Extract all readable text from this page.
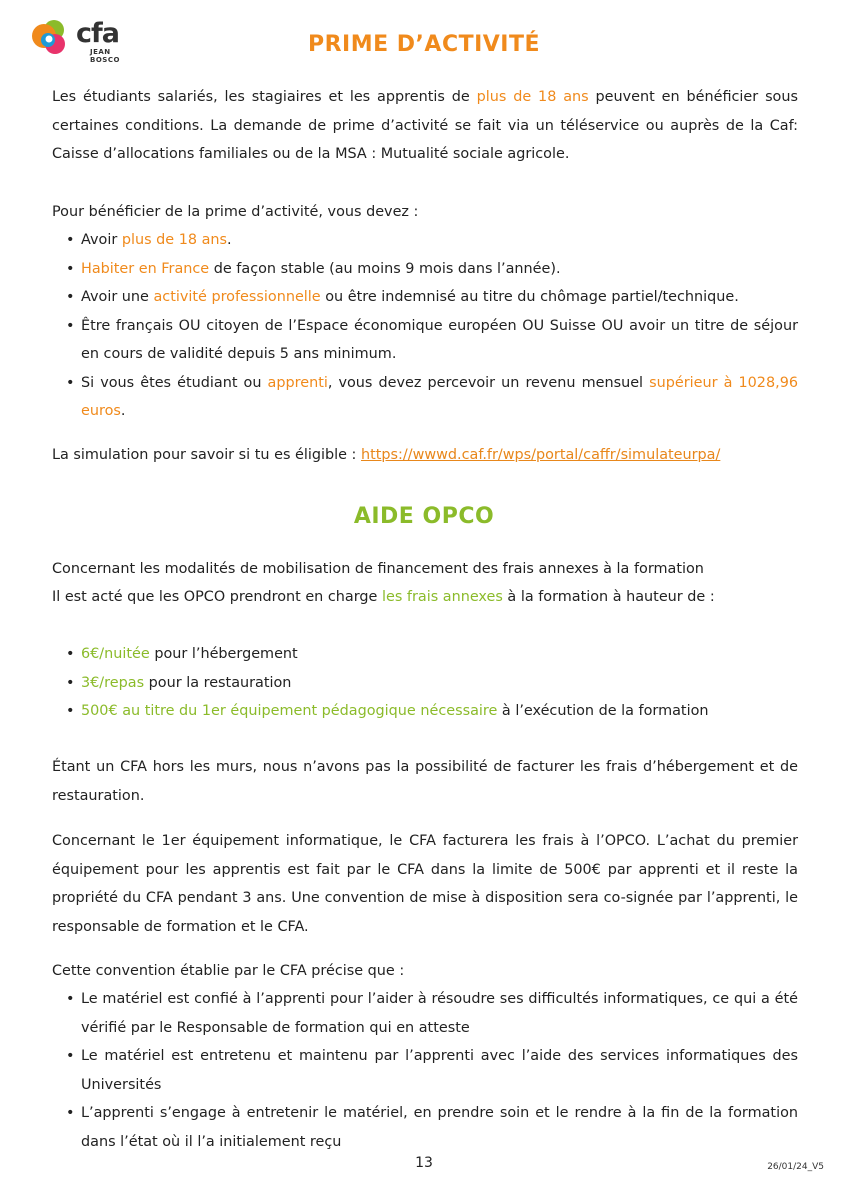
cfa
JEAN BOSCO
PRIME D’ACTIVITÉ

Les étudiants salariés, les stagiaires et les apprentis de plus de 18 ans peuvent en bénéficier sous certaines conditions. La demande de prime d’activité se fait via un téléservice ou auprès de la Caf: Caisse d’allocations familiales ou de la MSA : Mutualité sociale agricole.

Pour bénéficier de la prime d’activité, vous devez :

• Avoir plus de 18 ans.
• Habiter en France de façon stable (au moins 9 mois dans l’année).
• Avoir une activité professionnelle ou être indemnisé au titre du chômage partiel/technique.
• Être français OU citoyen de l’Espace économique européen OU Suisse OU avoir un titre de séjour en cours de validité depuis 5 ans minimum.
• Si vous êtes étudiant ou apprenti, vous devez percevoir un revenu mensuel supérieur à 1028,96 euros.

La simulation pour savoir si tu es éligible : https://wwwd.caf.fr/wps/portal/caffr/simulateurpa/

AIDE OPCO

Concernant les modalités de mobilisation de financement des frais annexes à la formation

Il est acté que les OPCO prendront en charge les frais annexes à la formation à hauteur de :

• 6€/nuitée pour l’hébergement
• 3€/repas pour la restauration
• 500€ au titre du 1er équipement pédagogique nécessaire à l’exécution de la formation

Étant un CFA hors les murs, nous n’avons pas la possibilité de facturer les frais d’hébergement et de restauration.

Concernant le 1er équipement informatique, le CFA facturera les frais à l’OPCO. L’achat du premier équipement pour les apprentis est fait par le CFA dans la limite de 500€ par apprenti et il reste la propriété du CFA pendant 3 ans. Une convention de mise à disposition sera co-signée par l’apprenti, le responsable de formation et le CFA.

Cette convention établie par le CFA précise que :

• Le matériel est confié à l’apprenti pour l’aider à résoudre ses difficultés informatiques, ce qui a été vérifié par le Responsable de formation qui en atteste
• Le matériel est entretenu et maintenu par l’apprenti avec l’aide des services informatiques des Universités
• L’apprenti s’engage à entretenir le matériel, en prendre soin et le rendre à la fin de la formation dans l’état où il l’a initialement reçu
13	26/01/24_V5
